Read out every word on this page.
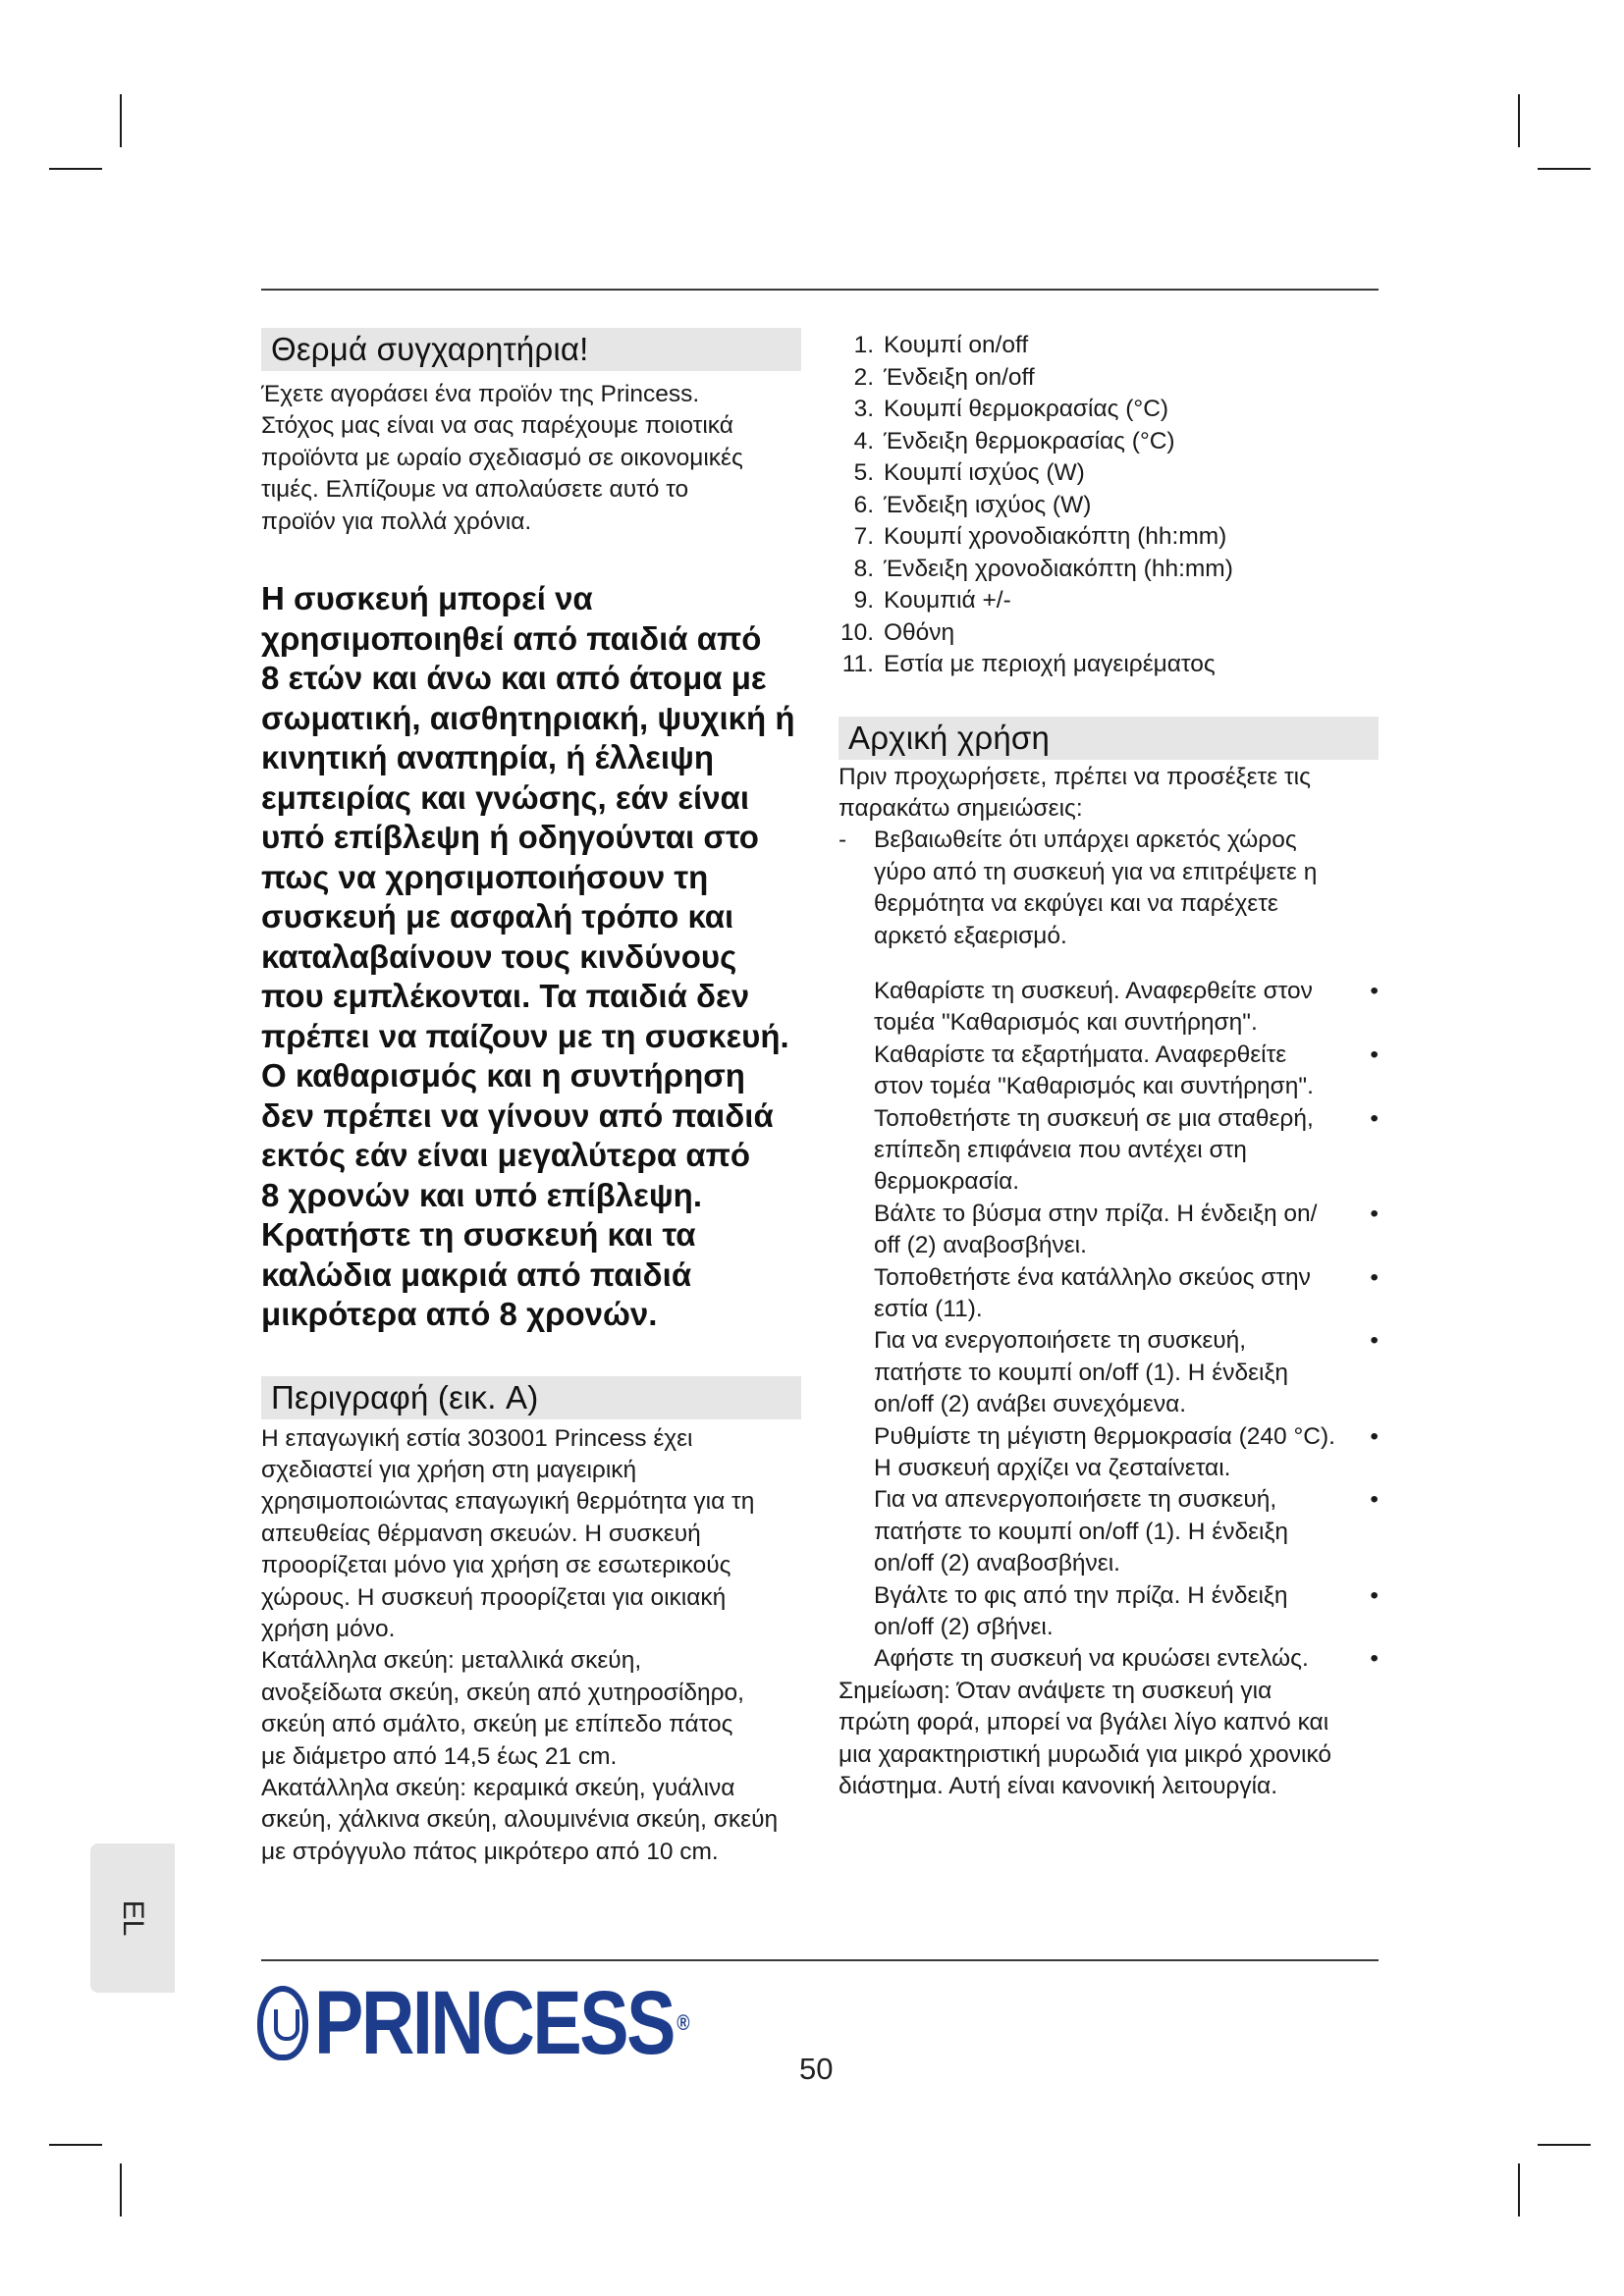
Θερμά συγχαρητήρια!
Έχετε αγοράσει ένα προϊόν της Princess.
Στόχος μας είναι να σας παρέχουμε ποιοτικά
προϊόντα με ωραίο σχεδιασμό σε οικονομικές
τιμές. Ελπίζουμε να απολαύσετε αυτό το
προϊόν για πολλά χρόνια.
Η συσκευή μπορεί να
χρησιμοποιηθεί από παιδιά από
8 ετών και άνω και από άτομα με
σωματική, αισθητηριακή, ψυχική ή
κινητική αναπηρία, ή έλλειψη
εμπειρίας και γνώσης, εάν είναι
υπό επίβλεψη ή οδηγούνται στο
πως να χρησιμοποιήσουν τη
συσκευή με ασφαλή τρόπο και
καταλαβαίνουν τους κινδύνους
που εμπλέκονται. Τα παιδιά δεν
πρέπει να παίζουν με τη συσκευή.
Ο καθαρισμός και η συντήρηση
δεν πρέπει να γίνουν από παιδιά
εκτός εάν είναι μεγαλύτερα από
8 χρονών και υπό επίβλεψη.
Κρατήστε τη συσκευή και τα
καλώδια μακριά από παιδιά
μικρότερα από 8 χρονών.
Περιγραφή (εικ. A)
Η επαγωγική εστία 303001 Princess έχει
σχεδιαστεί για χρήση στη μαγειρική
χρησιμοποιώντας επαγωγική θερμότητα για τη
απευθείας θέρμανση σκευών. Η συσκευή
προορίζεται μόνο για χρήση σε εσωτερικούς
χώρους. Η συσκευή προορίζεται για οικιακή
χρήση μόνο.
Κατάλληλα σκεύη: μεταλλικά σκεύη,
ανοξείδωτα σκεύη, σκεύη από χυτηροσίδηρο,
σκεύη από σμάλτο, σκεύη με επίπεδο πάτος
με διάμετρο από 14,5 έως 21 cm.
Ακατάλληλα σκεύη: κεραμικά σκεύη, γυάλινα
σκεύη, χάλκινα σκεύη, αλουμινένια σκεύη, σκεύη
με στρόγγυλο πάτος μικρότερο από 10 cm.
1. Κουμπί on/off
2. Ένδειξη on/off
3. Κουμπί θερμοκρασίας (°C)
4. Ένδειξη θερμοκρασίας (°C)
5. Κουμπί ισχύος (W)
6. Ένδειξη ισχύος (W)
7. Κουμπί χρονοδιακόπτη (hh:mm)
8. Ένδειξη χρονοδιακόπτη (hh:mm)
9. Κουμπιά +/-
10. Οθόνη
11. Εστία με περιοχή μαγειρέματος
Αρχική χρήση
Πριν προχωρήσετε, πρέπει να προσέξετε τις
παρακάτω σημειώσεις:
-	Βεβαιωθείτε ότι υπάρχει αρκετός χώρος
γύρο από τη συσκευή για να επιτρέψετε η
θερμότητα να εκφύγει και να παρέχετε
αρκετό εξαερισμό.
•
Καθαρίστε τη συσκευή. Αναφερθείτε στον
τομέα "Καθαρισμός και συντήρηση".
•
Καθαρίστε τα εξαρτήματα. Αναφερθείτε
στον τομέα "Καθαρισμός και συντήρηση".
•
Τοποθετήστε τη συσκευή σε μια σταθερή,
επίπεδη επιφάνεια που αντέχει στη
θερμοκρασία.
•
Βάλτε το βύσμα στην πρίζα. Η ένδειξη on/
off (2) αναβοσβήνει.
•
Τοποθετήστε ένα κατάλληλο σκεύος στην
εστία (11).
•
Για να ενεργοποιήσετε τη συσκευή,
πατήστε το κουμπί on/off (1). Η ένδειξη
on/off (2) ανάβει συνεχόμενα.
•
Ρυθμίστε τη μέγιστη θερμοκρασία (240 °C).
Η συσκευή αρχίζει να ζεσταίνεται.
•
Για να απενεργοποιήσετε τη συσκευή,
πατήστε το κουμπί on/off (1). Η ένδειξη
on/off (2) αναβοσβήνει.
•
Βγάλτε το φις από την πρίζα. Η ένδειξη
on/off (2) σβήνει.
•
Αφήστε τη συσκευή να κρυώσει εντελώς.
Σημείωση: Όταν ανάψετε τη συσκευή για
πρώτη φορά, μπορεί να βγάλει λίγο καπνό και
μια χαρακτηριστική μυρωδιά για μικρό χρονικό
διάστημα. Αυτή είναι κανονική λειτουργία.
EL
PRINCESS ®
50
